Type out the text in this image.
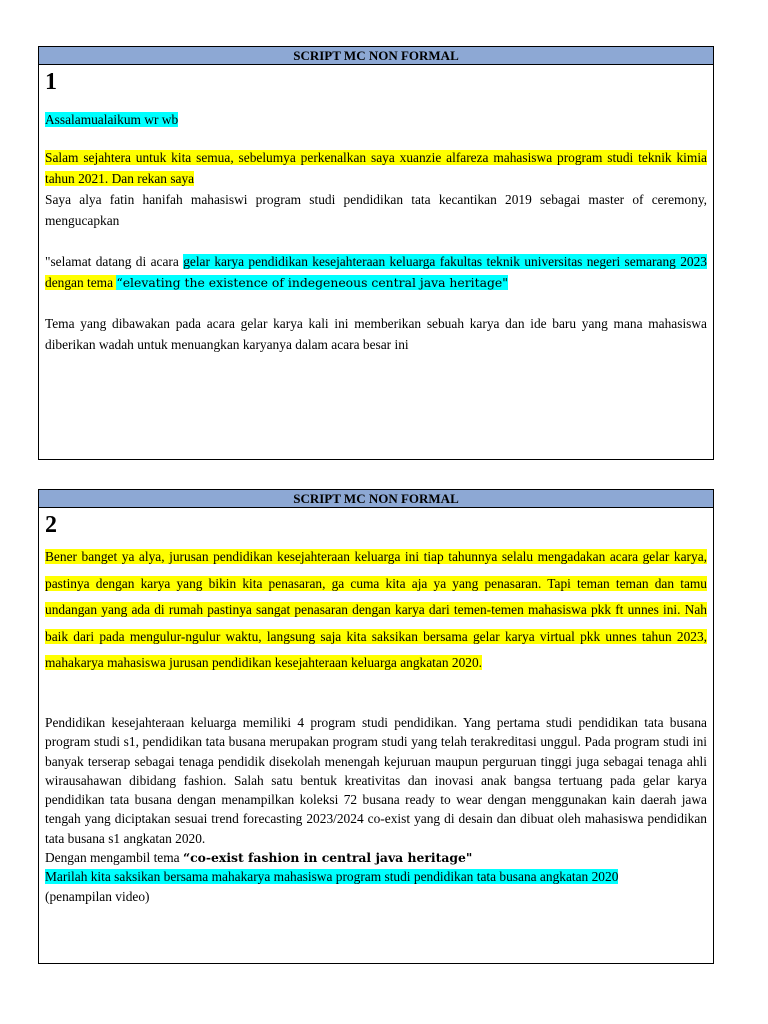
SCRIPT MC NON FORMAL
1

Assalamualaikum wr wb

Salam sejahtera untuk kita semua, sebelumya perkenalkan saya xuanzie alfareza mahasiswa program studi teknik kimia tahun 2021. Dan rekan saya

Saya alya fatin hanifah mahasiswi program studi pendidikan tata kecantikan 2019 sebagai master of ceremony, mengucapkan

"selamat datang di acara gelar karya pendidikan kesejahteraan keluarga fakultas teknik universitas negeri semarang 2023 dengan tema “elevating the existence of indegeneous central java heritage"

Tema yang dibawakan pada acara gelar karya kali ini memberikan sebuah karya dan ide baru yang mana mahasiswa diberikan wadah untuk menuangkan karyanya dalam acara besar ini

SCRIPT MC NON FORMAL
2

Bener banget ya alya, jurusan pendidikan kesejahteraan keluarga ini tiap tahunnya selalu mengadakan acara gelar karya, pastinya dengan karya yang bikin kita penasaran, ga cuma kita aja ya yang penasaran. Tapi teman teman dan tamu undangan yang ada di rumah pastinya sangat penasaran dengan karya dari temen-temen mahasiswa pkk ft unnes ini. Nah baik dari pada mengulur-ngulur waktu, langsung saja kita saksikan bersama gelar karya virtual pkk unnes tahun 2023, mahakarya mahasiswa jurusan pendidikan kesejahteraan keluarga angkatan 2020.

Pendidikan kesejahteraan keluarga memiliki 4 program studi pendidikan. Yang pertama studi pendidikan tata busana program studi s1, pendidikan tata busana merupakan program studi yang telah terakreditasi unggul. Pada program studi ini banyak terserap sebagai tenaga pendidik disekolah menengah kejuruan maupun perguruan tinggi juga sebagai tenaga ahli wirausahawan dibidang fashion. Salah satu bentuk kreativitas dan inovasi anak bangsa tertuang pada gelar karya pendidikan tata busana dengan menampilkan koleksi 72 busana ready to wear dengan menggunakan kain daerah jawa tengah yang diciptakan sesuai trend forecasting 2023/2024 co-exist yang di desain dan dibuat oleh mahasiswa pendidikan tata busana s1 angkatan 2020.

Dengan mengambil tema “co-exist fashion in central java heritage"

Marilah kita saksikan bersama mahakarya mahasiswa program studi pendidikan tata busana angkatan 2020

(penampilan video)
